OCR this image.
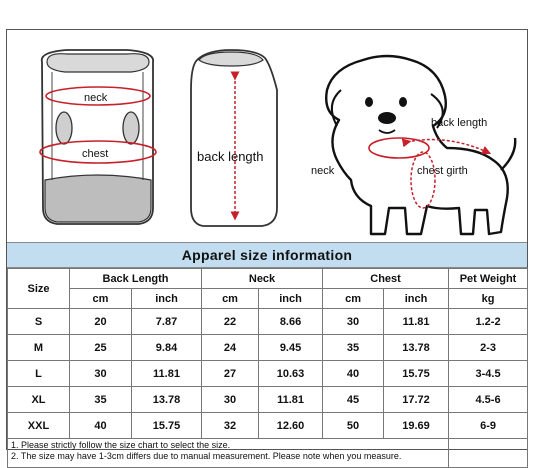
neck
chest	back length
back length
neck	chest girth
Apparel size information
Size	Back Length		Neck		Chest		Pet Weight
	cm	inch	cm	inch	cm	inch	kg
S	20	7.87	22	8.66	30	11.81	1.2-2
M	25	9.84	24	9.45	35	13.78	2-3
L	30	11.81	27	10.63	40	15.75	3-4.5
XL	35	13.78	30	11.81	45	17.72	4.5-6
XXL	40	15.75	32	12.60	50	19.69	6-9

1. Please strictly follow the size chart to select the size.
2. The size may have 1-3cm differs due to manual measurement. Please note when you measure.							
